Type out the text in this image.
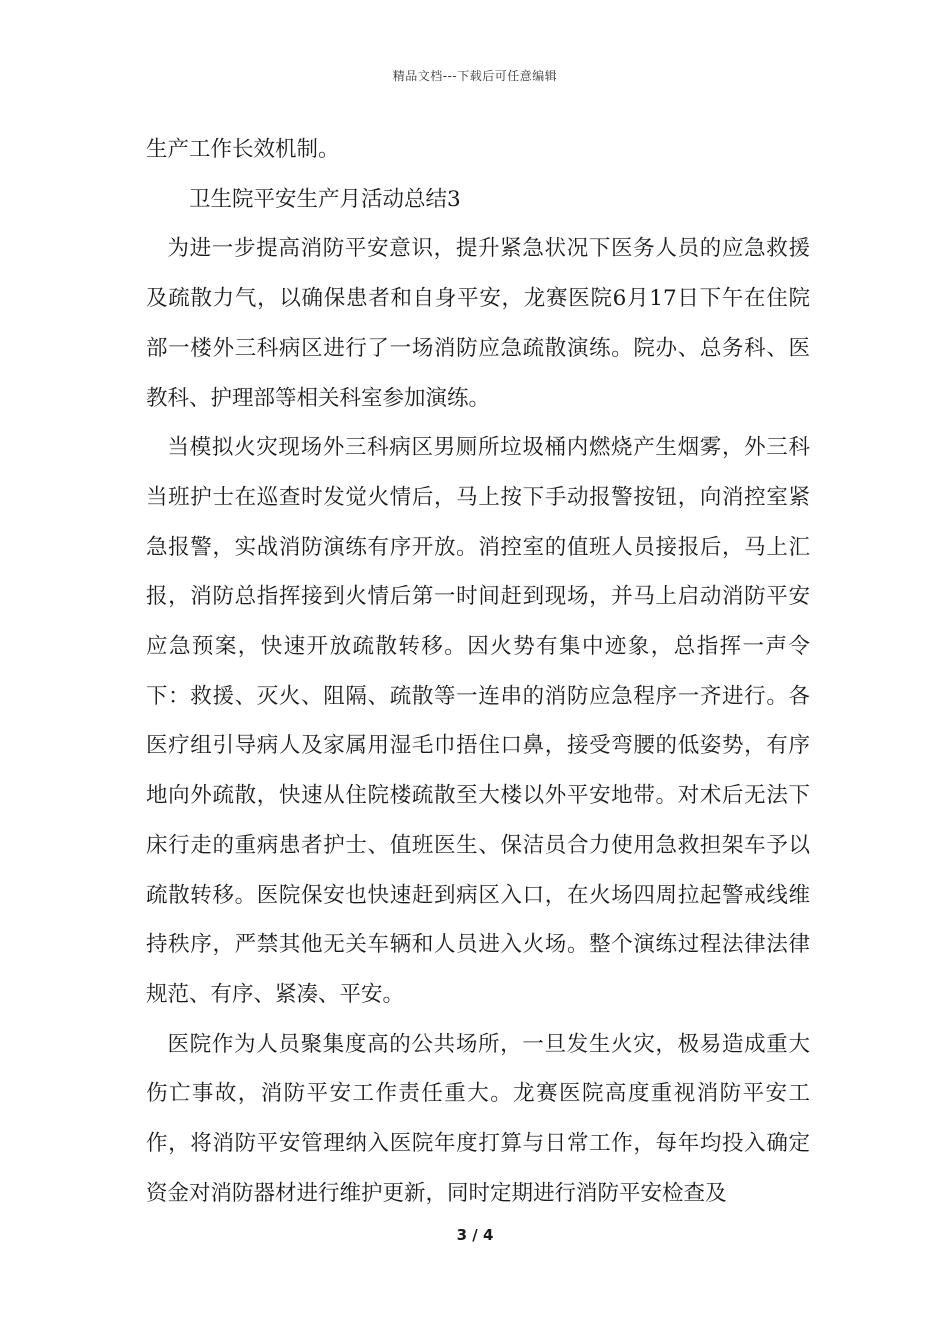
精品文档---下载后可任意编辑

生产工作长效机制。

卫生院平安生产月活动总结3

为进一步提高消防平安意识，提升紧急状况下医务人员的应急救援及疏散力气，以确保患者和自身平安，龙赛医院6月17日下午在住院部一楼外三科病区进行了一场消防应急疏散演练。院办、总务科、医教科、护理部等相关科室参加演练。

当模拟火灾现场外三科病区男厕所垃圾桶内燃烧产生烟雾，外三科当班护士在巡查时发觉火情后，马上按下手动报警按钮，向消控室紧急报警，实战消防演练有序开放。消控室的值班人员接报后，马上汇报，消防总指挥接到火情后第一时间赶到现场，并马上启动消防平安应急预案，快速开放疏散转移。因火势有集中迹象，总指挥一声令下：救援、灭火、阻隔、疏散等一连串的消防应急程序一齐进行。各医疗组引导病人及家属用湿毛巾捂住口鼻，接受弯腰的低姿势，有序地向外疏散，快速从住院楼疏散至大楼以外平安地带。对术后无法下床行走的重病患者护士、值班医生、保洁员合力使用急救担架车予以疏散转移。医院保安也快速赶到病区入口，在火场四周拉起警戒线维持秩序，严禁其他无关车辆和人员进入火场。整个演练过程法律法律规范、有序、紧凑、平安。

医院作为人员聚集度高的公共场所，一旦发生火灾，极易造成重大伤亡事故，消防平安工作责任重大。龙赛医院高度重视消防平安工作，将消防平安管理纳入医院年度打算与日常工作，每年均投入确定资金对消防器材进行维护更新，同时定期进行消防平安检查及

3 / 4
